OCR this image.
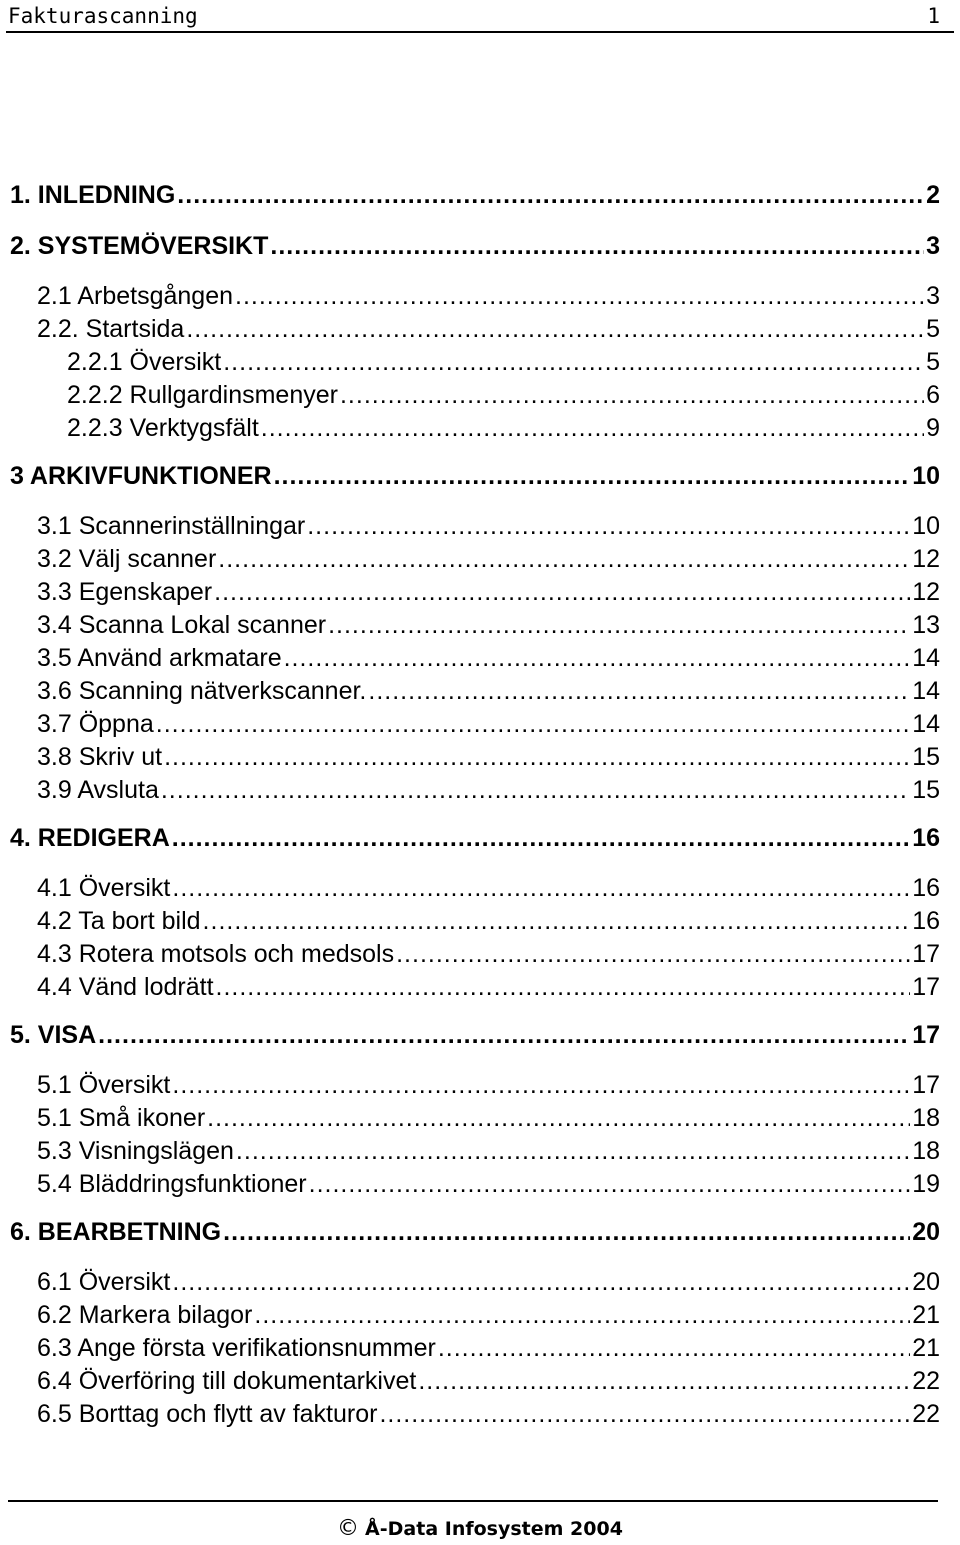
Fakturascanning	1
1. INLEDNING .....	2
2. SYSTEMÖVERSIKT .....	3
2.1 Arbetsgången .....	3
2.2. Startsida .....	5
2.2.1 Översikt .....	5
2.2.2 Rullgardinsmenyer .....	6
2.2.3 Verktygsfält .....	9
3 ARKIVFUNKTIONER .....	10
3.1 Scannerinställningar .....	10
3.2 Välj scanner .....	12
3.3 Egenskaper .....	12
3.4 Scanna Lokal scanner .....	13
3.5 Använd arkmatare .....	14
3.6 Scanning nätverkscanner. .....	14
3.7 Öppna .....	14
3.8 Skriv ut .....	15
3.9 Avsluta .....	15
4. REDIGERA .....	16
4.1 Översikt .....	16
4.2 Ta bort bild .....	16
4.3 Rotera motsols och medsols .....	17
4.4 Vänd lodrätt .....	17
5. VISA .....	17
5.1 Översikt .....	17
5.1 Små ikoner .....	18
5.3 Visningslägen .....	18
5.4 Bläddringsfunktioner .....	19
6. BEARBETNING .....	20
6.1 Översikt .....	20
6.2 Markera bilagor .....	21
6.3 Ange första verifikationsnummer .....	21
6.4 Överföring till dokumentarkivet .....	22
6.5 Borttag och flytt av fakturor .....	22
© Å-Data Infosystem 2004
